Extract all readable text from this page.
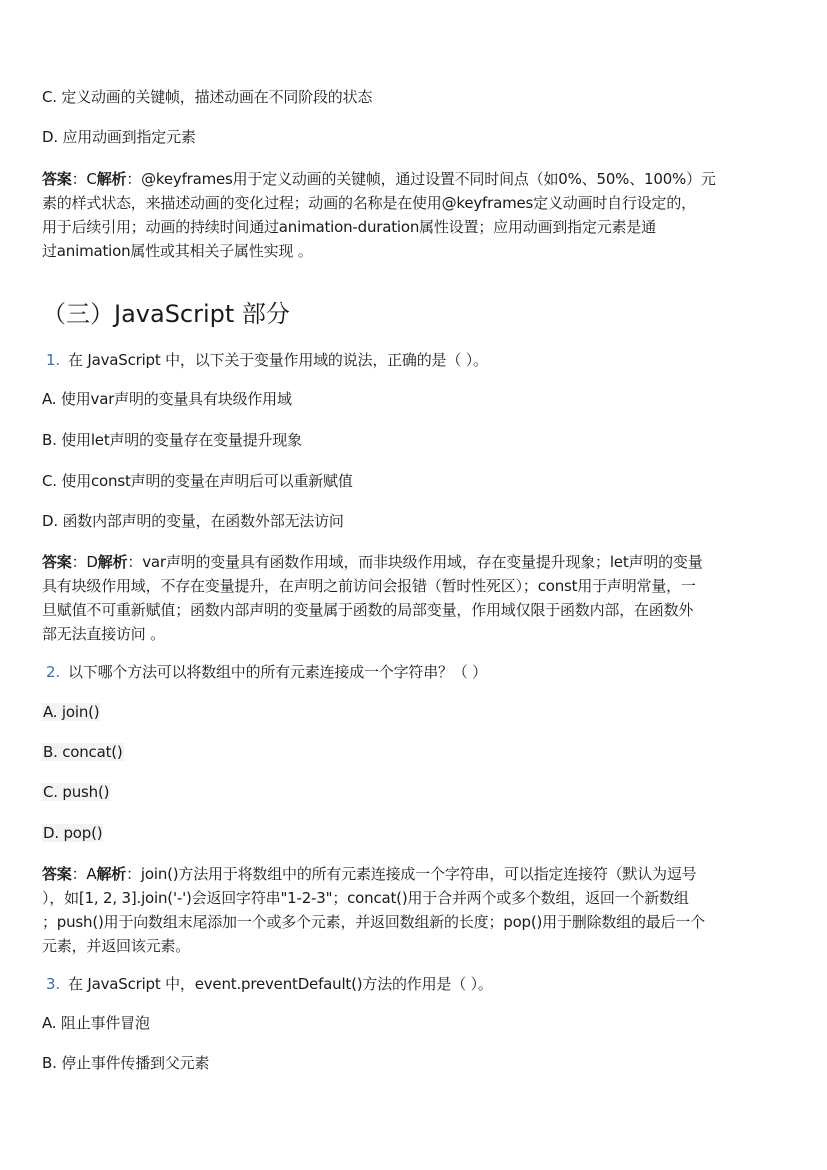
C. 定义动画的关键帧，描述动画在不同阶段的状态
D. 应用动画到指定元素
答案：C解析：@keyframes用于定义动画的关键帧，通过设置不同时间点（如0%、50%、100%）元
素的样式状态，来描述动画的变化过程；动画的名称是在使用@keyframes定义动画时自行设定的，
用于后续引用；动画的持续时间通过animation-duration属性设置；应用动画到指定元素是通
过animation属性或其相关子属性实现 。
（三）JavaScript 部分
1. 在 JavaScript 中，以下关于变量作用域的说法，正确的是（ ）。
A. 使用var声明的变量具有块级作用域
B. 使用let声明的变量存在变量提升现象
C. 使用const声明的变量在声明后可以重新赋值
D. 函数内部声明的变量，在函数外部无法访问
答案：D解析：var声明的变量具有函数作用域，而非块级作用域，存在变量提升现象；let声明的变量
具有块级作用域，不存在变量提升，在声明之前访问会报错（暂时性死区）；const用于声明常量，一
旦赋值不可重新赋值；函数内部声明的变量属于函数的局部变量，作用域仅限于函数内部，在函数外
部无法直接访问 。
2. 以下哪个方法可以将数组中的所有元素连接成一个字符串？（ ）
A. join()
B. concat()
C. push()
D. pop()
答案：A解析：join()方法用于将数组中的所有元素连接成一个字符串，可以指定连接符（默认为逗号
），如[1, 2, 3].join('-')会返回字符串"1-2-3"；concat()用于合并两个或多个数组，返回一个新数组
；push()用于向数组末尾添加一个或多个元素，并返回数组新的长度；pop()用于删除数组的最后一个
元素，并返回该元素。
3. 在 JavaScript 中，event.preventDefault()方法的作用是（ ）。
A. 阻止事件冒泡
B. 停止事件传播到父元素
